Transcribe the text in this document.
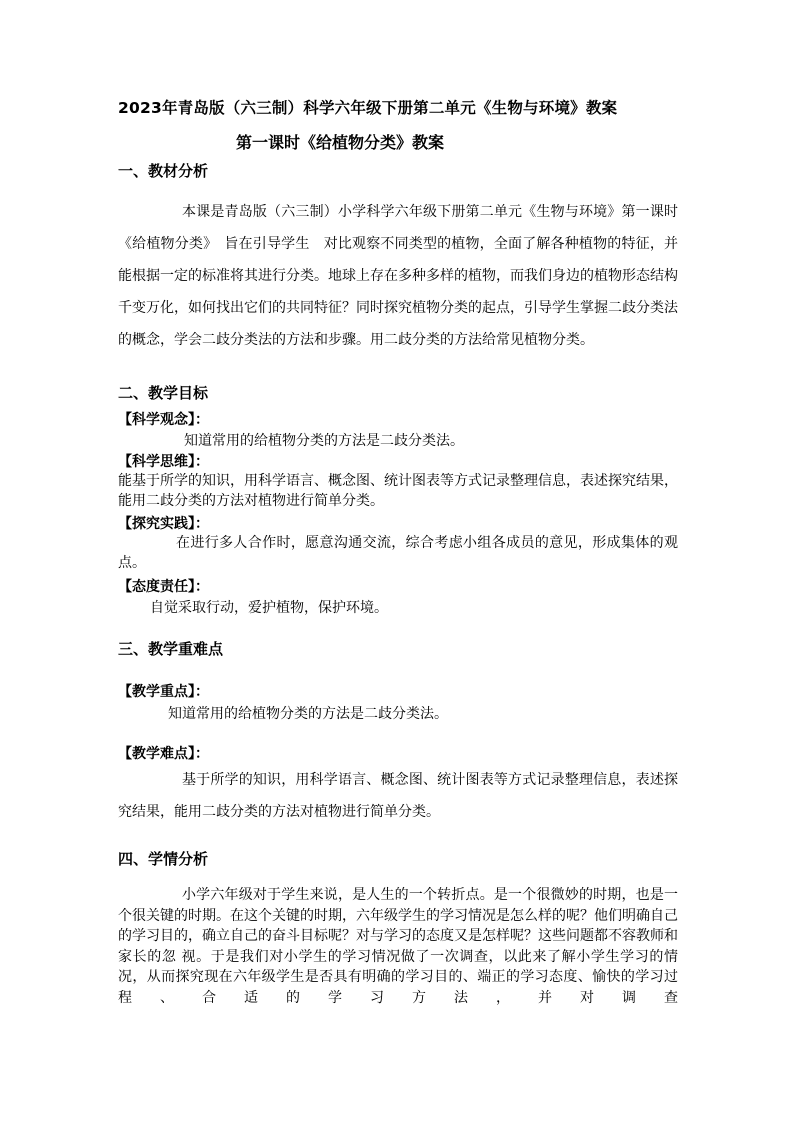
2023年青岛版（六三制）科学六年级下册第二单元《生物与环境》教案
第一课时《给植物分类》教案
一、教材分析
本课是青岛版（六三制）小学科学六年级下册第二单元《生物与环境》第一课时《给植物分类》　旨在引导学生　对比观察不同类型的植物，全面了解各种植物的特征，并能根据一定的标准将其进行分类。地球上存在多种多样的植物，而我们身边的植物形态结构千变万化，如何找出它们的共同特征？同时探究植物分类的起点，引导学生掌握二歧分类法的概念，学会二歧分类法的方法和步骤。用二歧分类的方法给常见植物分类。
二、教学目标
【科学观念】：
知道常用的给植物分类的方法是二歧分类法。
【科学思维】：
能基于所学的知识，用科学语言、概念图、统计图表等方式记录整理信息，表述探究结果，能用二歧分类的方法对植物进行简单分类。
【探究实践】：
在进行多人合作时，愿意沟通交流，综合考虑小组各成员的意见，形成集体的观点。
【态度责任】：
自觉采取行动，爱护植物，保护环境。
三、教学重难点
【教学重点】：
知道常用的给植物分类的方法是二歧分类法。
【教学难点】：
基于所学的知识，用科学语言、概念图、统计图表等方式记录整理信息，表述探究结果，能用二歧分类的方法对植物进行简单分类。
四、学情分析
小学六年级对于学生来说，是人生的一个转折点。是一个很微妙的时期，也是一个很关键的时期。在这个关键的时期，六年级学生的学习情况是怎么样的呢？他们明确自己的学习目的，确立自己的奋斗目标呢？对与学习的态度又是怎样呢？这些问题都不容教师和家长的忽 视。于是我们对小学生的学习情况做了一次调查，以此来了解小学生学习的情况，从而探究现在六年级学生是否具有明确的学习目的、端正的学习态度、愉快的学习过程、合适的学习方法，并对调查
